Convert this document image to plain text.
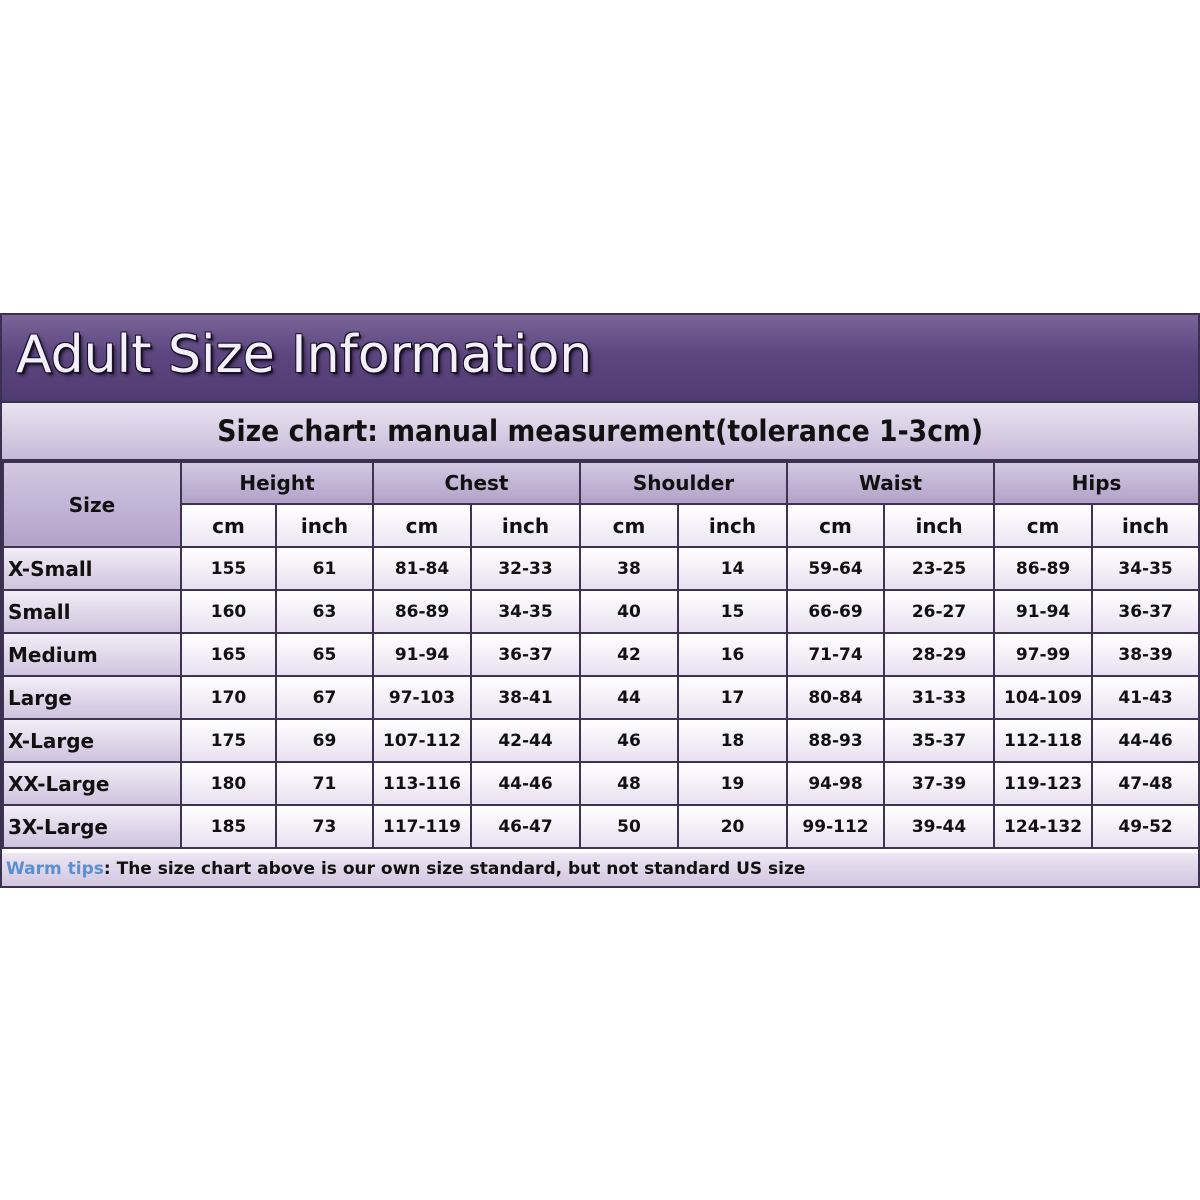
Adult Size Information
Size chart: manual measurement(tolerance 1-3cm)
Size	Height		Chest		Shoulder		Waist		Hips	
	cm	inch	cm	inch	cm	inch	cm	inch	cm	inch
X-Small	155	61	81-84	32-33	38	14	59-64	23-25	86-89	34-35
Small	160	63	86-89	34-35	40	15	66-69	26-27	91-94	36-37
Medium	165	65	91-94	36-37	42	16	71-74	28-29	97-99	38-39
Large	170	67	97-103	38-41	44	17	80-84	31-33	104-109	41-43
X-Large	175	69	107-112	42-44	46	18	88-93	35-37	112-118	44-46
XX-Large	180	71	113-116	44-46	48	19	94-98	37-39	119-123	47-48
3X-Large	185	73	117-119	46-47	50	20	99-112	39-44	124-132	49-52
Warm tips: The size chart above is our own size standard, but not standard US size
